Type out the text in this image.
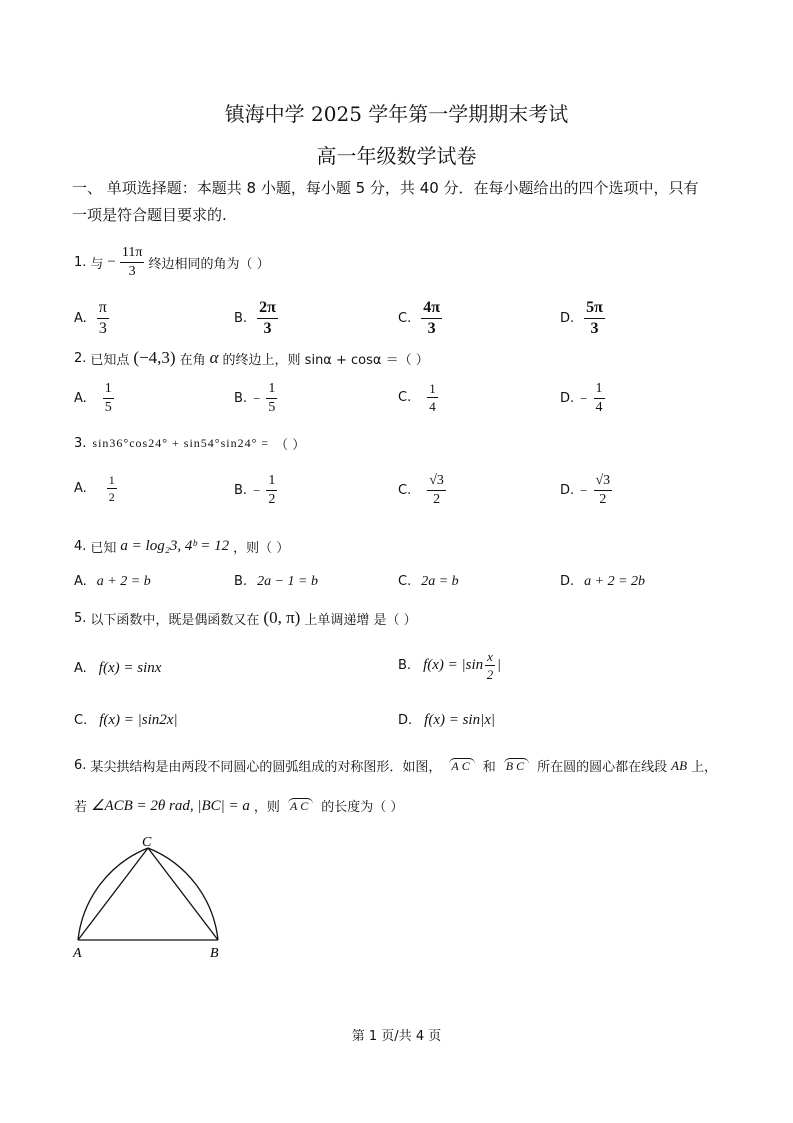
镇海中学 2025 学年第一学期期末考试
高一年级数学试卷
一、 单项选择题：本题共 8 小题，每小题 5 分，共 40 分．在每小题给出的四个选项中，只有
一项是符合题目要求的.
1. 与 − $\frac{11\pi}{3}$ 终边相同的角为（ ）
A. $\frac{\pi}{3}$	B. $\frac{2\pi}{3}$	C. $\frac{4\pi}{3}$	D. $\frac{5\pi}{3}$
2. 已知点 (−4,3) 在角 α 的终边上，则 sinα + cosα ＝（ ）
A. $\frac{1}{5}$	B. − $\frac{1}{5}$	C. $\frac{1}{4}$	D. − $\frac{1}{4}$
3. sin36°cos24° + sin54°sin24° = （ ）
A. $\frac{1}{2}$	B. − $\frac{1}{2}$	C. $\frac{√3}{2}$	D. − $\frac{√3}{2}$
4. 已知 a = log₂3, 4ᵇ = 12 ，则（ ）
A. a + 2 = b	B. 2a − 1 = b	C. 2a = b	D. a + 2 = 2b
5. 以下函数中，既是偶函数又在 (0, π) 上单调递增 是（ ）
A. f(x) = sinx	B. $f(x) = |\sin \frac{x}{2}$ |
C. f(x) = |sin2x|	D. f(x) = sin|x|
6. 某尖拱结构是由两段不同圆心的圆弧组成的对称图形．如图， AC 和 BC 所在圆的圆心都在线段 AB 上，
若 ∠ACB = 2θ rad, |BC| = a ，则 AC 的长度为（ ）
C
A	B
第 1 页/共 4 页
